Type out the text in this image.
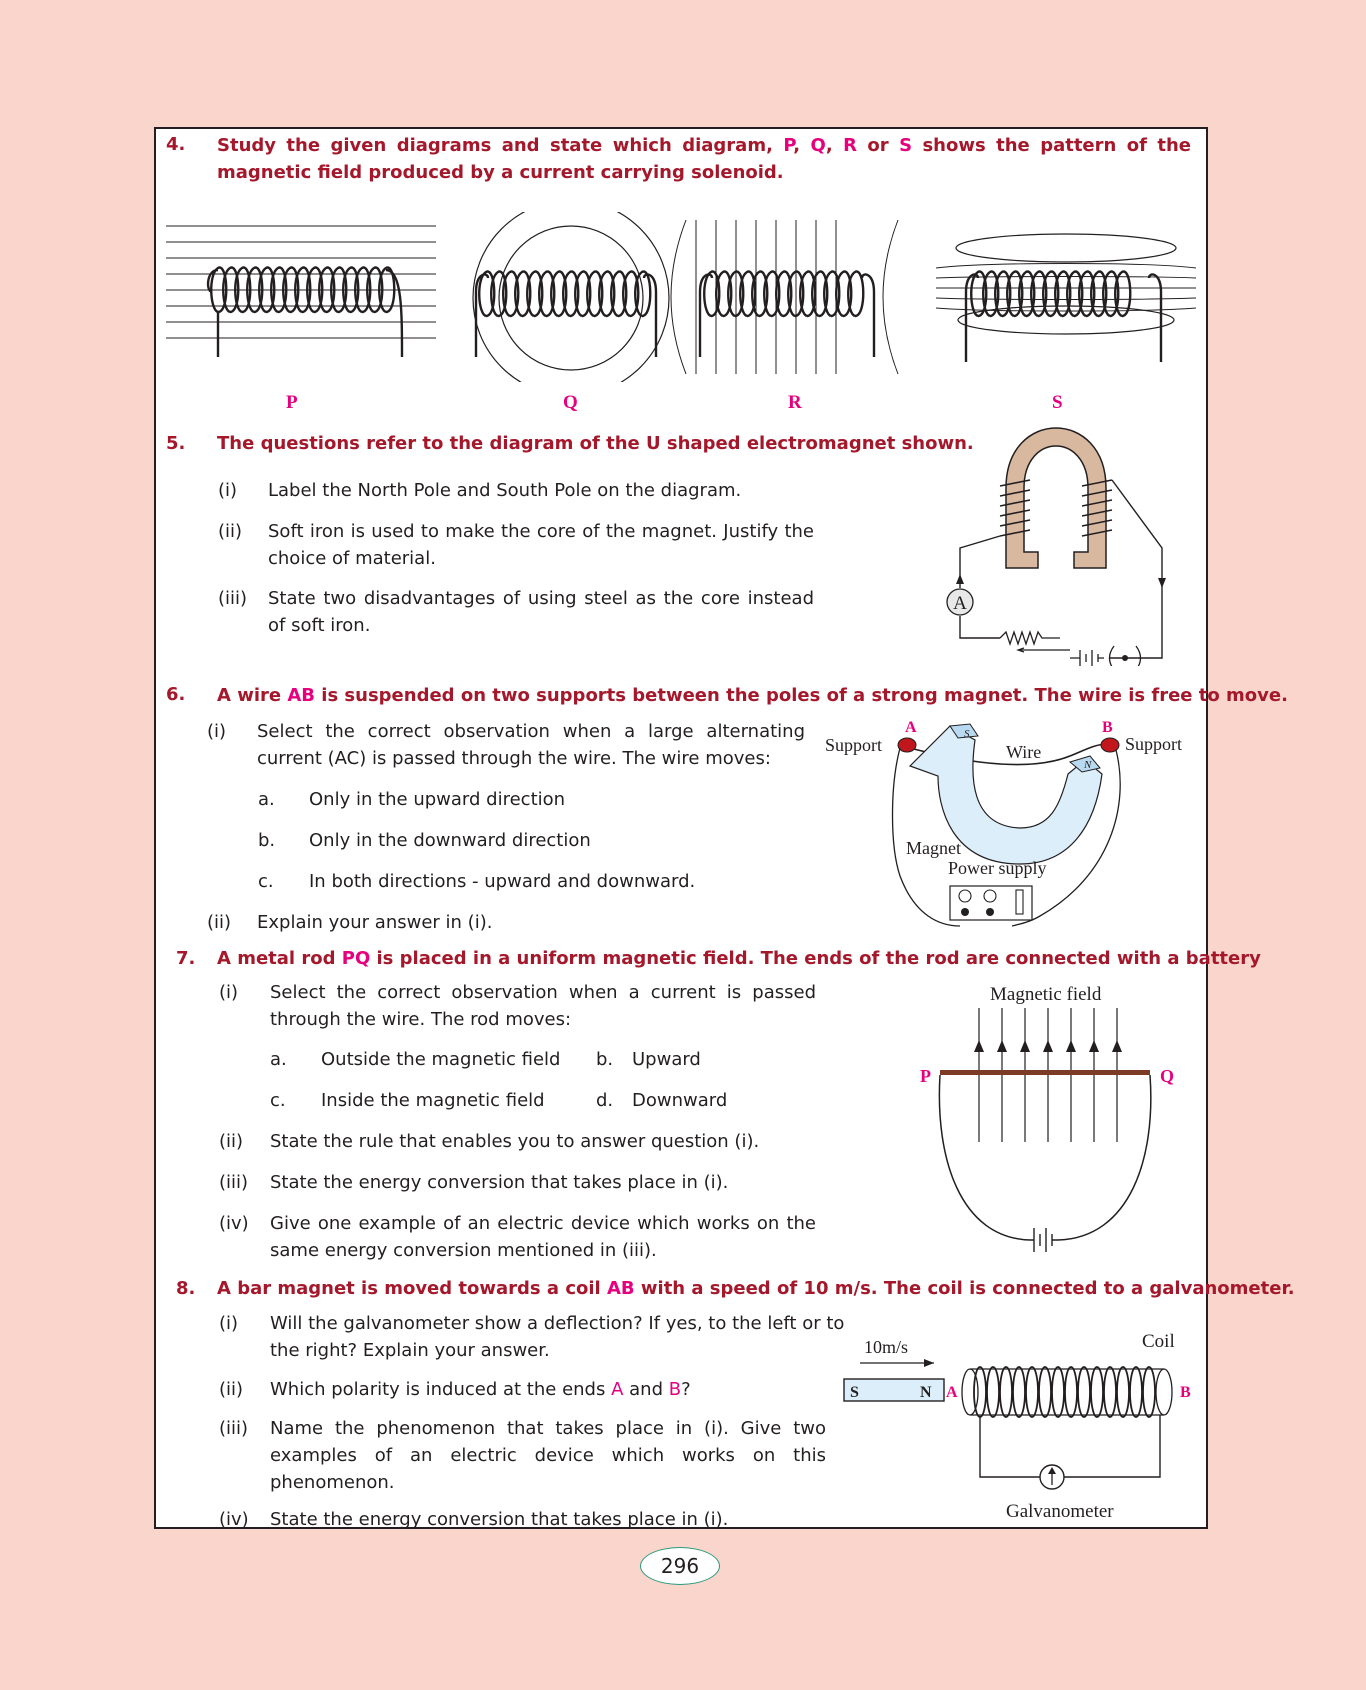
4. Study the given diagrams and state which diagram, P, Q, R or S shows the pattern of the magnetic field produced by a current carrying solenoid.
P	Q	R	S
5. The questions refer to the diagram of the U shaped electromagnet shown.
(i) Label the North Pole and South Pole on the diagram.
(ii) Soft iron is used to make the core of the magnet. Justify the choice of material.
(iii) State two disadvantages of using steel as the core instead of soft iron.
A
6. A wire AB is suspended on two supports between the poles of a strong magnet. The wire is free to move.
(i) Select the correct observation when a large alternating current (AC) is passed through the wire. The wire moves:
a. Only in the upward direction
b. Only in the downward direction
c. In both directions - upward and downward.
(ii) Explain your answer in (i).
S
N
A	B
Support	Support
Wire
Magnet
Power supply
7. A metal rod PQ is placed in a uniform magnetic field. The ends of the rod are connected with a battery
(i) Select the correct observation when a current is passed through the wire. The rod moves:
a. Outside the magnetic field b. Upward
c. Inside the magnetic field	d. Downward
(ii) State the rule that enables you to answer question (i).
(iii) State the energy conversion that takes place in (i).
(iv) Give one example of an electric device which works on the same energy conversion mentioned in (iii).
Magnetic field
P	Q
8. A bar magnet is moved towards a coil AB with a speed of 10 m/s. The coil is connected to a galvanometer.
(i) Will the galvanometer show a deflection? If yes, to the left or to the right? Explain your answer.
(ii) Which polarity is induced at the ends A and B?
(iii) Name the phenomenon that takes place in (i). Give two examples of an electric device which works on this phenomenon.
(iv) State the energy conversion that takes place in (i).
10m/s
S	N A	B
Coil
Galvanometer
296
